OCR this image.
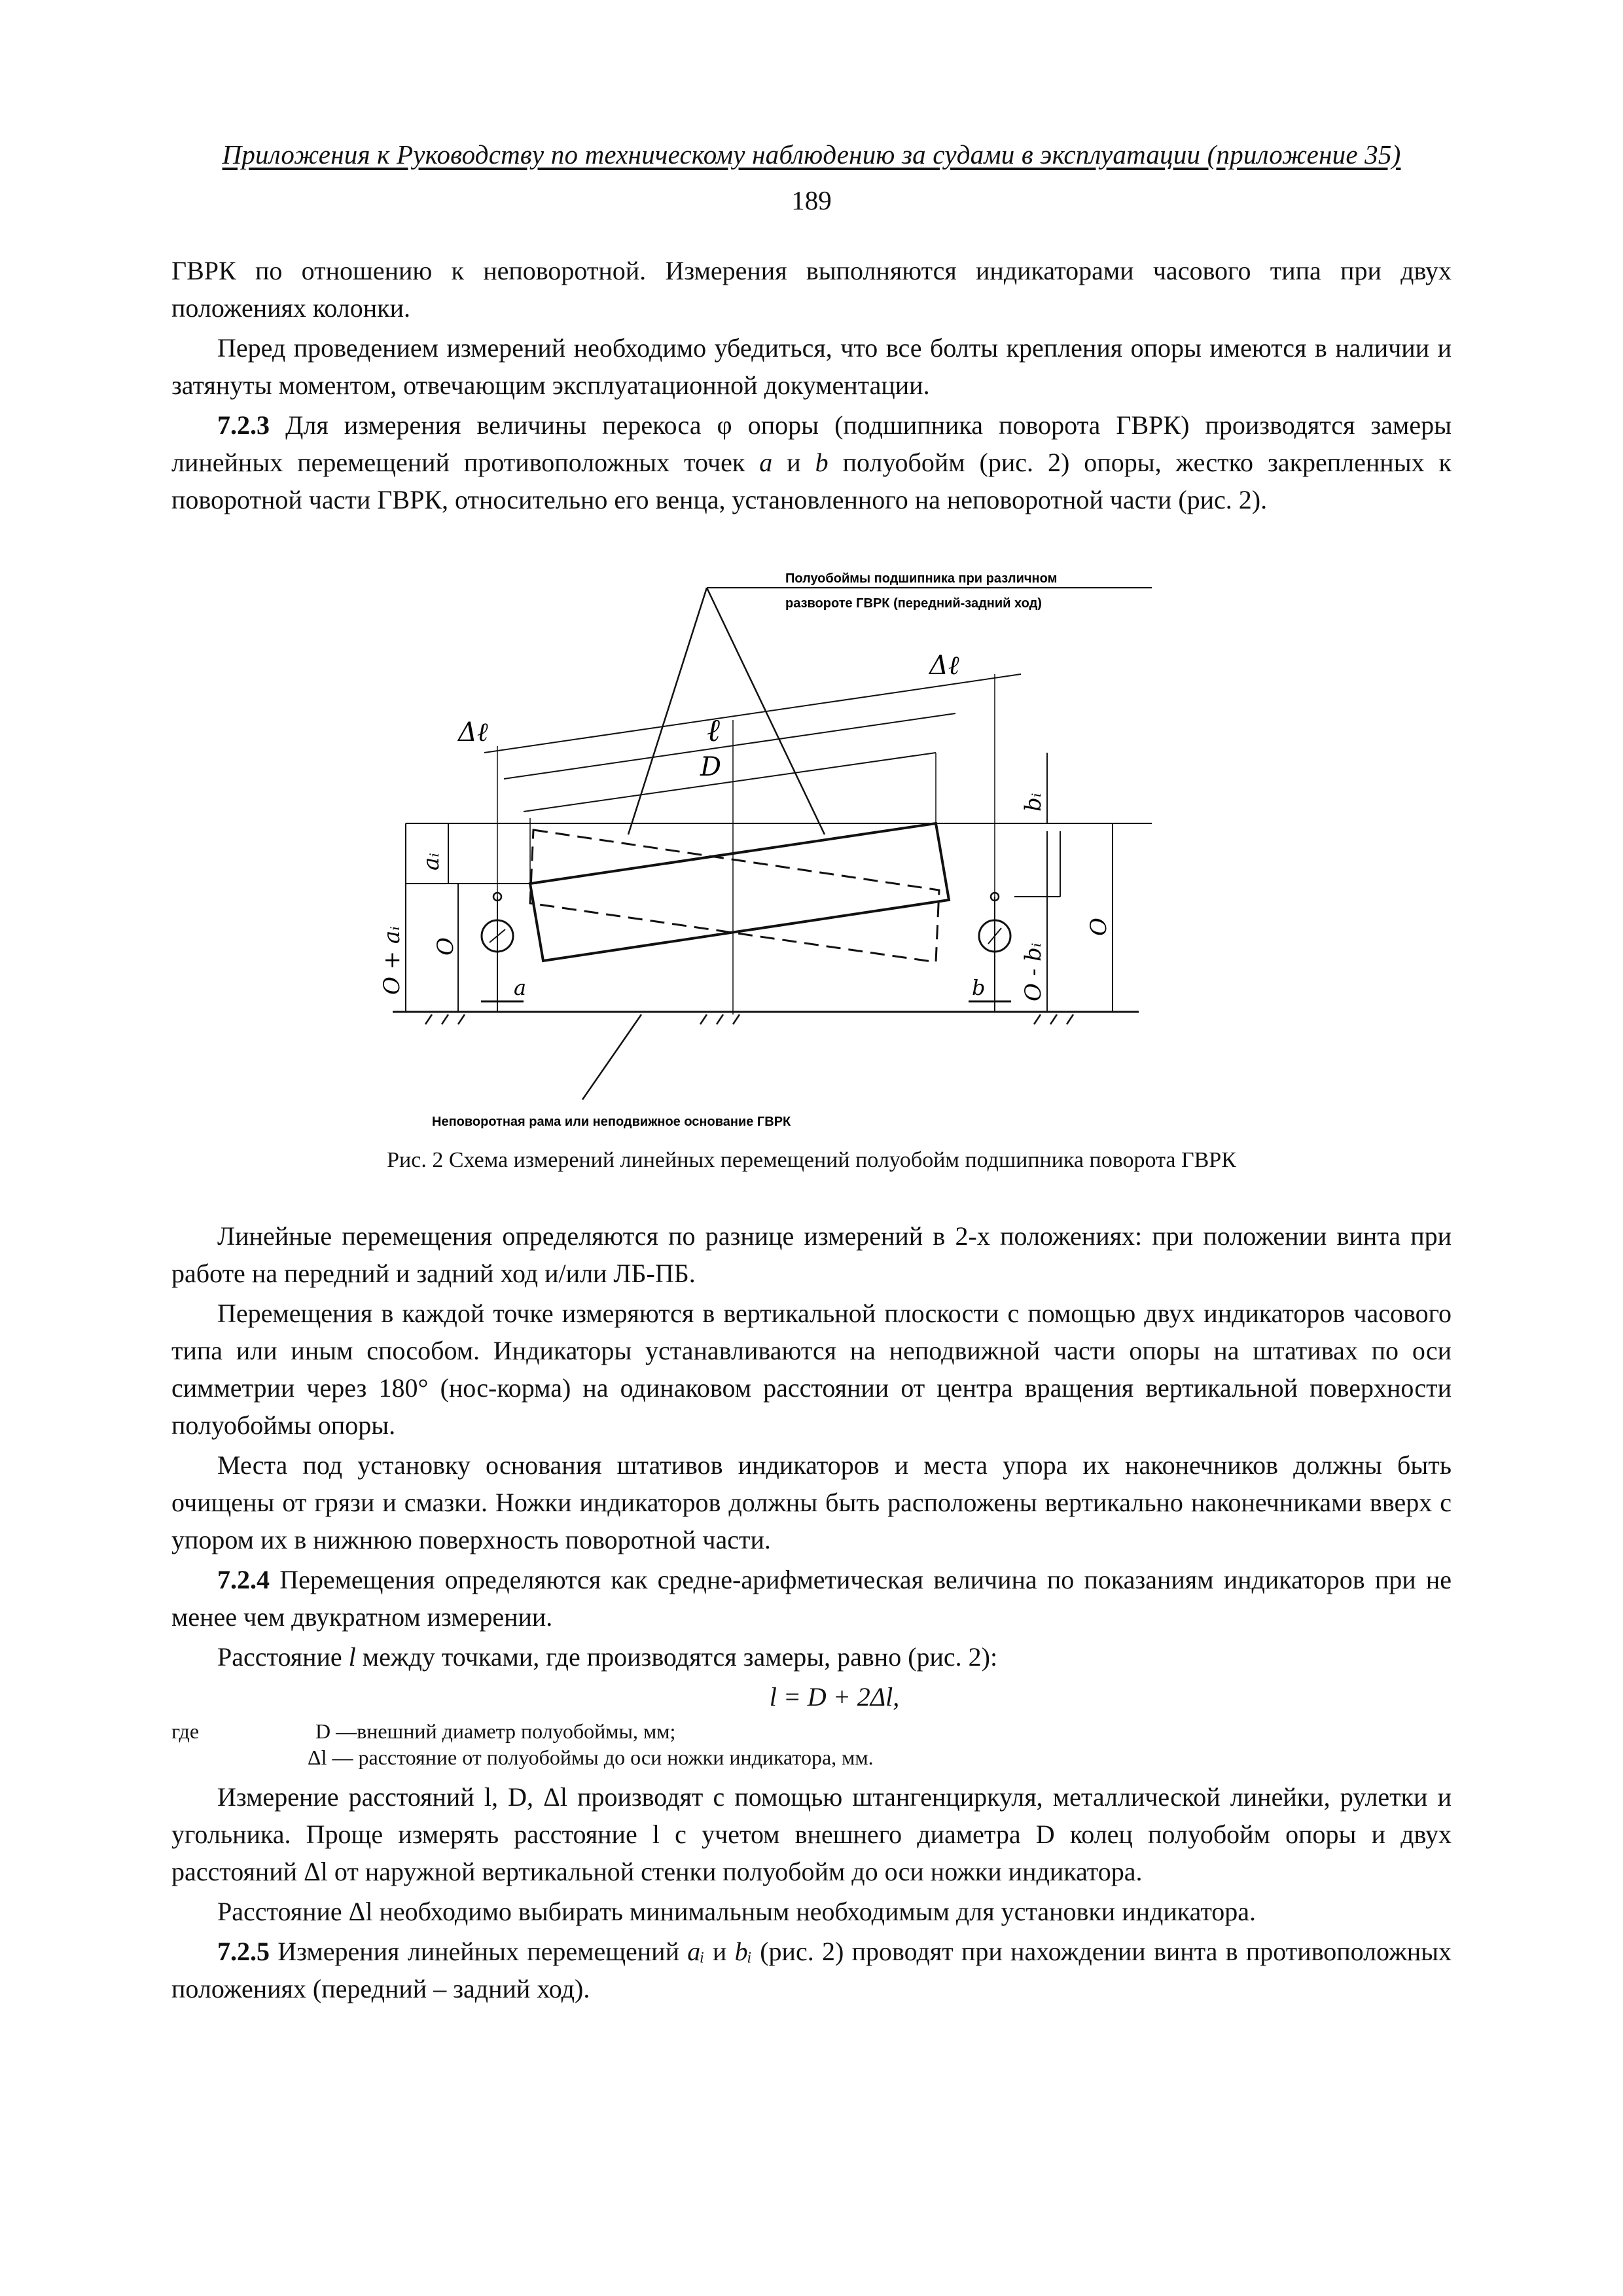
Приложения к Руководству по техническому наблюдению за судами в эксплуатации (приложение 35)
189

ГВРК по отношению к неповоротной. Измерения выполняются индикаторами часового типа при двух положениях колонки.

Перед проведением измерений необходимо убедиться, что все болты крепления опоры имеются в наличии и затянуты моментом, отвечающим эксплуатационной документации.

7.2.3 Для измерения величины перекоса φ опоры (подшипника поворота ГВРК) производятся замеры линейных перемещений противоположных точек a и b полуобойм (рис. 2) опоры, жестко закрепленных к поворотной части ГВРК, относительно его венца, установленного на неповоротной части (рис. 2).

Полуобоймы подшипника при различном
развороте ГВРК (передний-задний ход)
Неповоротная рама или неподвижное основание ГВРК
Δℓ
Δℓ
ℓ
D
aᵢ
bᵢ
O
O + aᵢ	O - bᵢ
O
a	b
Рис. 2 Схема измерений линейных перемещений полуобойм подшипника поворота ГВРК

Линейные перемещения определяются по разнице измерений в 2-х положениях: при положении винта при работе на передний и задний ход и/или ЛБ-ПБ.

Перемещения в каждой точке измеряются в вертикальной плоскости с помощью двух индикаторов часового типа или иным способом. Индикаторы устанавливаются на неподвижной части опоры на штативах по оси симметрии через 180° (нос-корма) на одинаковом расстоянии от центра вращения вертикальной поверхности полуобоймы опоры.

Места под установку основания штативов индикаторов и места упора их наконечников должны быть очищены от грязи и смазки. Ножки индикаторов должны быть расположены вертикально наконечниками вверх с упором их в нижнюю поверхность поворотной части.

7.2.4 Перемещения определяются как средне-арифметическая величина по показаниям индикаторов при не менее чем двукратном измерении.

Расстояние l между точками, где производятся замеры, равно (рис. 2):

l = D + 2Δl,

где	D —внешний диаметр полуобоймы, мм;
Δl — расстояние от полуобоймы до оси ножки индикатора, мм.

Измерение расстояний l, D, Δl производят с помощью штангенциркуля, металлической линейки, рулетки и угольника. Проще измерять расстояние l с учетом внешнего диаметра D колец полуобойм опоры и двух расстояний Δl от наружной вертикальной стенки полуобойм до оси ножки индикатора.

Расстояние Δl необходимо выбирать минимальным необходимым для установки индикатора.

7.2.5 Измерения линейных перемещений aᵢ и bᵢ (рис. 2) проводят при нахождении винта в противоположных положениях (передний – задний ход).
